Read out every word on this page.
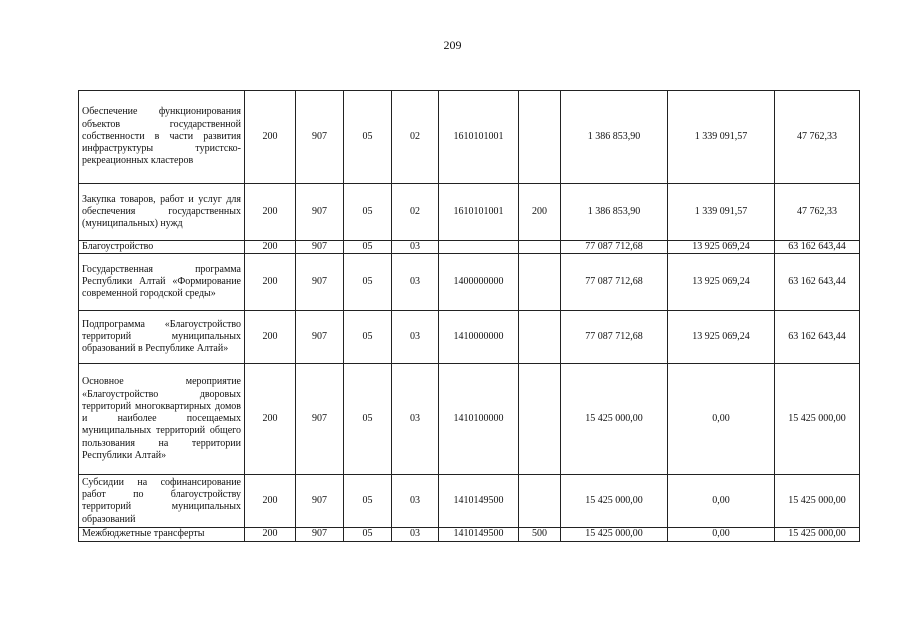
209
Обеспечение функционирования объектов государственной собственности в части развития инфраструктуры туристско-рекреационных кластеров	200	907	05	02	1610101001		1 386 853,90	1 339 091,57	47 762,33
Закупка товаров, работ и услуг для обеспечения государственных (муниципальных) нужд	200	907	05	02	1610101001	200	1 386 853,90	1 339 091,57	47 762,33
Благоустройство	200	907	05	03			77 087 712,68	13 925 069,24	63 162 643,44
Государственная программа Республики Алтай «Формирование современной городской среды»	200	907	05	03	1400000000		77 087 712,68	13 925 069,24	63 162 643,44
Подпрограмма «Благоустройство территорий муниципальных образований в Республике Алтай»	200	907	05	03	1410000000		77 087 712,68	13 925 069,24	63 162 643,44
Основное мероприятие «Благоустройство дворовых территорий многоквартирных домов и наиболее посещаемых муниципальных территорий общего пользования на территории Республики Алтай»	200	907	05	03	1410100000		15 425 000,00	0,00	15 425 000,00
Субсидии на софинансирование работ по благоустройству территорий муниципальных образований	200	907	05	03	1410149500		15 425 000,00	0,00	15 425 000,00
Межбюджетные трансферты	200	907	05	03	1410149500	500	15 425 000,00	0,00	15 425 000,00
